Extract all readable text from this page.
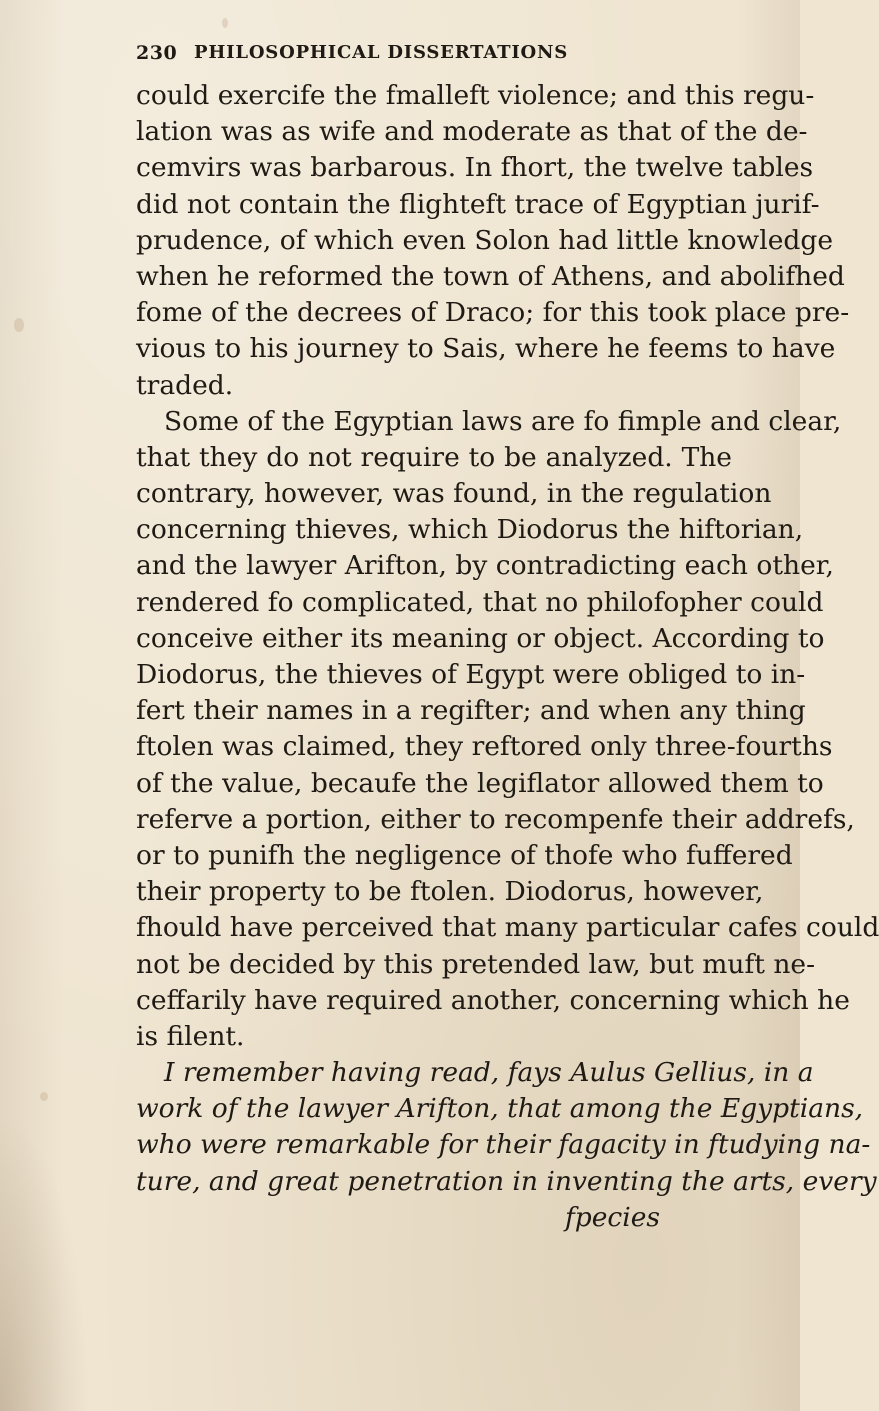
230 PHILOSOPHICAL DISSERTATIONS
could exercife the fmalleft violence; and this regu-
lation was as wife and moderate as that of the de-
cemvirs was barbarous. In fhort, the twelve tables
did not contain the flighteft trace of Egyptian jurif-
prudence, of which even Solon had little knowledge
when he reformed the town of Athens, and abolifhed
fome of the decrees of Draco; for this took place pre-
vious to his journey to Sais, where he feems to have
traded.
Some of the Egyptian laws are fo fimple and clear,
that they do not require to be analyzed. The
contrary, however, was found, in the regulation
concerning thieves, which Diodorus the hiftorian,
and the lawyer Arifton, by contradicting each other,
rendered fo complicated, that no philofopher could
conceive either its meaning or object. According to
Diodorus, the thieves of Egypt were obliged to in-
fert their names in a regifter; and when any thing
ftolen was claimed, they reftored only three-fourths
of the value, becaufe the legiflator allowed them to
referve a portion, either to recompenfe their addrefs,
or to punifh the negligence of thofe who fuffered
their property to be ftolen. Diodorus, however,
fhould have perceived that many particular cafes could
not be decided by this pretended law, but muft ne-
ceffarily have required another, concerning which he
is filent.
I remember having read, fays Aulus Gellius, in a
work of the lawyer Arifton, that among the Egyptians,
who were remarkable for their fagacity in ftudying na-
ture, and great penetration in inventing the arts, every
fpecies
